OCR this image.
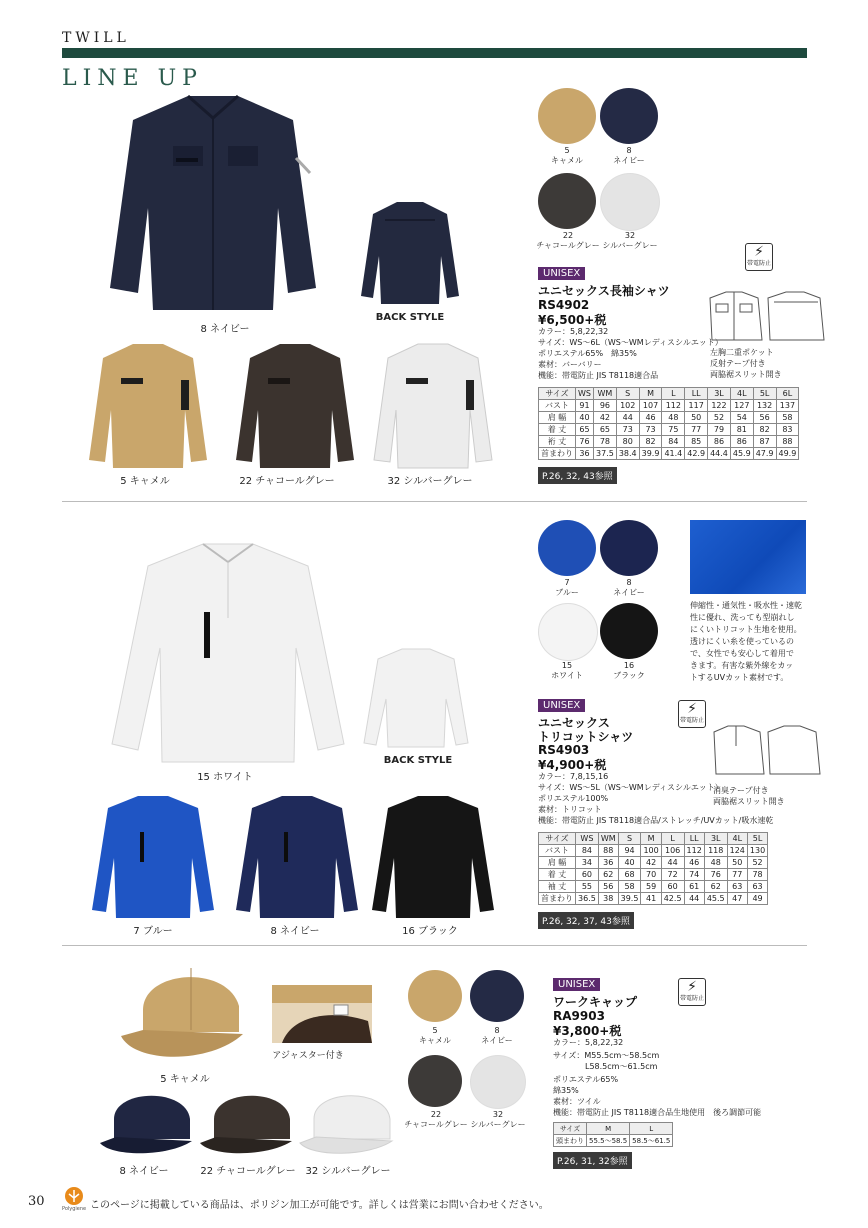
TWILL
LINE UP
8 ネイビー
BACK STYLE
5 キャメル	22 チャコールグレー	32 シルバーグレー
5
キャメル
8
ネイビー
22
チャコールグレー
32
シルバーグレー	⚡
帯電防止
UNISEX
ユニセックス長袖シャツ
RS4902
¥6,500+税
カラー：5,8,22,32
サイズ：WS〜6L（WS〜WMレディスシルエット）
ポリエステル65%　綿35%
素材：バーバリー
機能：帯電防止 JIS T8118適合品
左胸二重ポケット
反射テープ付き
両脇裾スリット開き
サイズ	WS	WM	S	M	L	LL	3L	4L	5L	6L
バスト	91	96	102	107	112	117	122	127	132	137
肩 幅	40	42	44	46	48	50	52	54	56	58
着 丈	65	65	73	73	75	77	79	81	82	83
裄 丈	76	78	80	82	84	85	86	86	87	88
首まわり	36	37.5	38.4	39.9	41.4	42.9	44.4	45.9	47.9	49.9
P.26, 32, 43参照
15 ホワイト
BACK STYLE
7 ブルー	8 ネイビー	16 ブラック
7
ブルー
8
ネイビー
15
ホワイト
16
ブラック
伸縮性・通気性・吸水性・速乾
性に優れ、洗っても型崩れし
にくいトリコット生地を使用。
透けにくい糸を使っているの
で、女性でも安心して着用で
きます。有害な紫外線をカッ
トするUVカット素材です。
UNISEX	⚡
帯電防止
ユニセックス
トリコットシャツ
RS4903
¥4,900+税
カラー：7,8,15,16
サイズ：WS〜5L（WS〜WMレディスシルエット）
ポリエステル100%
素材：トリコット
機能：帯電防止 JIS T8118適合品/ストレッチ/UVカット/吸水速乾
消臭テープ付き
両脇裾スリット開き
サイズ	WS	WM	S	M	L	LL	3L	4L	5L
バスト	84	88	94	100	106	112	118	124	130
肩 幅	34	36	40	42	44	46	48	50	52
着 丈	60	62	68	70	72	74	76	77	78
袖 丈	55	56	58	59	60	61	62	63	63
首まわり	36.5	38	39.5	41	42.5	44	45.5	47	49
P.26, 32, 37, 43参照
5 キャメル
アジャスター付き
8 ネイビー	22 チャコールグレー 32 シルバーグレー
5
キャメル
8
ネイビー
22
チャコールグレー
32
シルバーグレー
UNISEX	⚡
帯電防止
ワークキャップ
RA9903
¥3,800+税
カラー：5,8,22,32
サイズ：M55.5cm〜58.5cm
　　　　L58.5cm〜61.5cm
ポリエステル65%
綿35%
素材：ツイル
機能：帯電防止 JIS T8118適合品生地使用　後ろ調節可能
サイズ	M	L
頭まわり	55.5〜58.5	58.5〜61.5
P.26, 31, 32参照
30	Polygiene このページに掲載している商品は、ポリジン加工が可能です。詳しくは営業にお問い合わせください。
